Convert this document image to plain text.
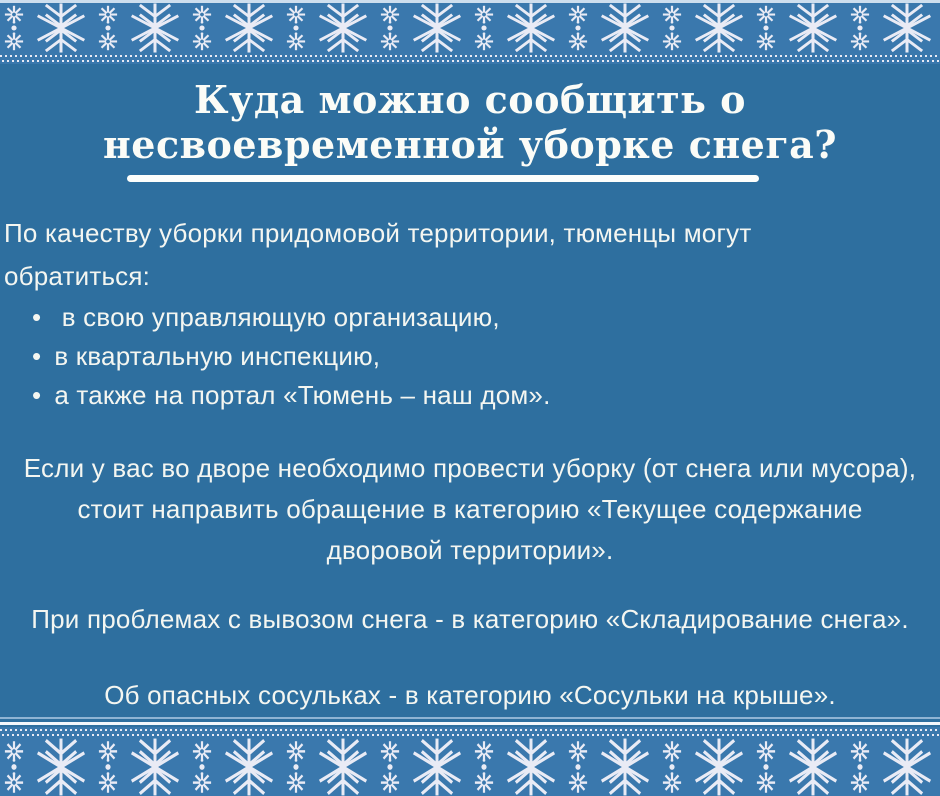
Куда можно сообщить о несвоевременной уборке снега?

По качеству уборки придомовой территории, тюменцы могут
обратиться:

• в свою управляющую организацию,
• в квартальную инспекцию,
• а также на портал «Тюмень – наш дом».

Если у вас во дворе необходимо провести уборку (от снега или мусора),
стоит направить обращение в категорию «Текущее содержание
дворовой территории».

При проблемах с вывозом снега - в категорию «Складирование снега».

Об опасных сосульках - в категорию «Сосульки на крыше».
